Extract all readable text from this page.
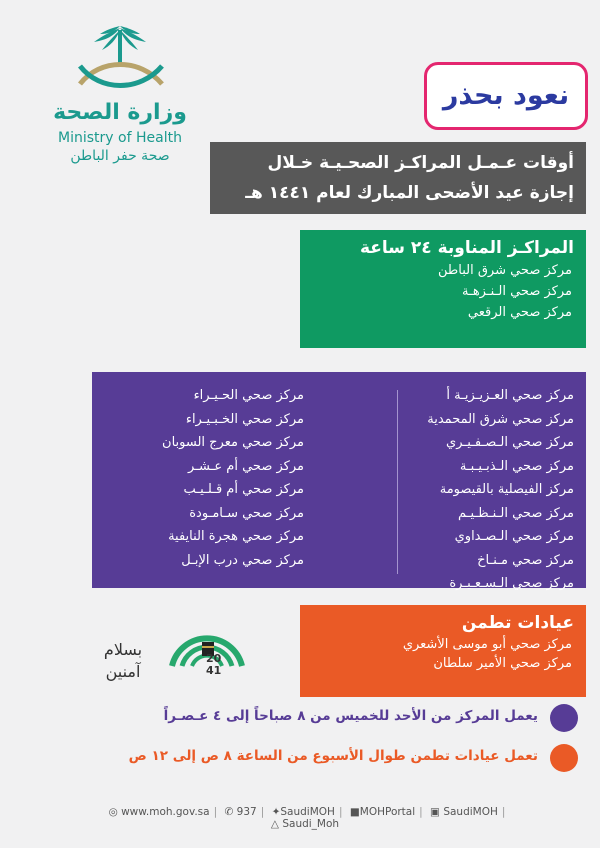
وزارة الصحة
Ministry of Health
صحة حفر الباطن
نعود بحذر
أوقات عـمـل المراكـز الصحـيـة خـلال
إجازة عيد الأضحى المبارك لعام ١٤٤١ هـ
المراكـز المناوبة ٢٤ ساعة
مركز صحي شرق الباطن
مركز صحي الـنـزهـة
مركز صحي الرقعي
مركز صحي العـزيـزيـة أ
مركز صحي شرق المحمدية
مركز صحي الـصـفـيـري
مركز صحي الـذبـيـبـة
مركز الفيصلية بالقيصومة
مركز صحي الـنـظـيـم
مركز صحي الـصـداوي
مركز صحي مـنـاخ
مركز صحي الـسـعـيـرة
مركز صحي الحـيـراء
مركز صحي الخـبـيـراء
مركز صحي معرج السوبان
مركز صحي أم عـشـر
مركز صحي أم قـلـيـب
مركز صحي سـامـودة
مركز صحي هجرة النايفية
مركز صحي درب الإبـل
بسلام
آمنين
20
41
عيادات تطمن
مركز صحي أبو موسى الأشعري
مركز صحي الأمير سلطان
يعمل المركز من الأحد للخميس من ٨ صباحاً إلى ٤ عـصـراً
تعمل عيادات تطمن طوال الأسبوع من الساعة ٨ ص إلى ١٢ ص
◎ www.moh.gov.sa | ✆ 937 | ✦SaudiMOH | ■MOHPortal | ▣ SaudiMOH | △ Saudi_Moh
